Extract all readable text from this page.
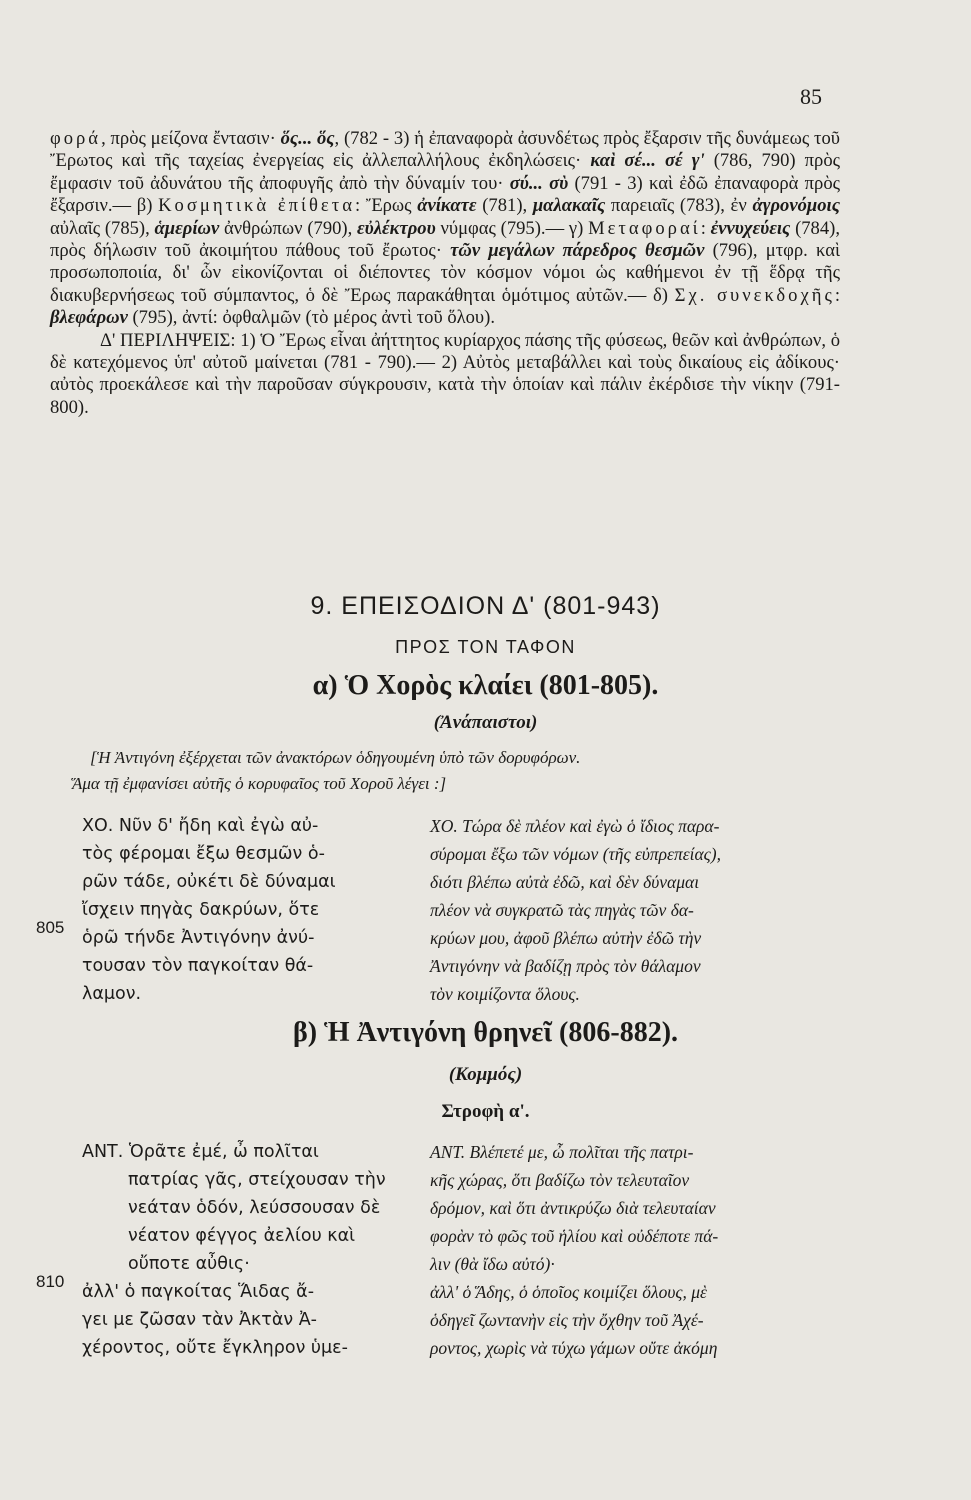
85

φορά, πρὸς μείζονα ἔντασιν· ὅς... ὅς, (782 - 3) ἡ ἐπαναφορὰ ἀσυνδέτως πρὸς ἔξαρσιν τῆς δυνάμεως τοῦ Ἔρωτος καὶ τῆς ταχείας ἐνεργείας εἰς ἀλλεπαλλήλους ἐκδηλώσεις· καὶ σέ... σέ γ' (786, 790) πρὸς ἔμφασιν τοῦ ἀδυνάτου τῆς ἀποφυγῆς ἀπὸ τὴν δύναμίν του· σύ... σὺ (791 - 3) καὶ ἐδῶ ἐπαναφορὰ πρὸς ἔξαρσιν.— β) Κοσμητικὰ ἐπίθετα: Ἔρως ἀνίκατε (781), μαλακαῖς παρειαῖς (783), ἐν ἀγρονόμοις αὐλαῖς (785), ἁμερίων ἀνθρώπων (790), εὐλέκτρου νύμφας (795).— γ) Μεταφοραί: ἐννυχεύεις (784), πρὸς δήλωσιν τοῦ ἀκοιμήτου πάθους τοῦ ἔρωτος· τῶν μεγάλων πάρεδρος θεσμῶν (796), μτφρ. καὶ προσωποποιία, δι' ὧν εἰκονίζονται οἱ διέποντες τὸν κόσμον νόμοι ὡς καθήμενοι ἐν τῇ ἕδρᾳ τῆς διακυβερνήσεως τοῦ σύμπαντος, ὁ δὲ Ἔρως παρακάθηται ὁμότιμος αὐτῶν.— δ) Σχ. συνεκδοχῆς: βλεφάρων (795), ἀντί: ὀφθαλμῶν (τὸ μέρος ἀντὶ τοῦ ὅλου).

Δ' ΠΕΡΙΛΗΨΕΙΣ: 1) Ὁ Ἔρως εἶναι ἀήττητος κυρίαρχος πάσης τῆς φύσεως, θεῶν καὶ ἀνθρώπων, ὁ δὲ κατεχόμενος ὑπ' αὐτοῦ μαίνεται (781 - 790).— 2) Αὐτὸς μεταβάλλει καὶ τοὺς δικαίους εἰς ἀδίκους· αὐτὸς προεκάλεσε καὶ τὴν παροῦσαν σύγκρουσιν, κατὰ τὴν ὁποίαν καὶ πάλιν ἐκέρδισε τὴν νίκην (791-800).

9. ΕΠΕΙΣΟΔΙΟΝ Δ' (801-943)
ΠΡΟΣ ΤΟΝ ΤΑΦΟΝ
α) Ὁ Χορὸς κλαίει (801-805).
(Ἀνάπαιστοι)
[Ἡ Ἀντιγόνη ἐξέρχεται τῶν ἀνακτόρων ὁδηγουμένη ὑπὸ τῶν δορυφόρων.
Ἅμα τῇ ἐμφανίσει αὐτῆς ὁ κορυφαῖος τοῦ Χοροῦ λέγει :]
ΧΟ. Νῦν δ' ἤδη καὶ ἐγὼ αὐ-
τὸς φέρομαι ἔξω θεσμῶν ὁ-
ρῶν τάδε, οὐκέτι δὲ δύναμαι
ἴσχειν πηγὰς δακρύων, ὅτε
ὁρῶ τήνδε Ἀντιγόνην ἀνύ-
τουσαν τὸν παγκοίταν θά-
λαμον.
805
ΧΟ. Τώρα δὲ πλέον καὶ ἐγὼ ὁ ἴδιος παρα-
σύρομαι ἔξω τῶν νόμων (τῆς εὐπρεπείας),
διότι βλέπω αὐτὰ ἐδῶ, καὶ δὲν δύναμαι
πλέον νὰ συγκρατῶ τὰς πηγὰς τῶν δα-
κρύων μου, ἀφοῦ βλέπω αὐτὴν ἐδῶ τὴν
Ἀντιγόνην νὰ βαδίζῃ πρὸς τὸν θάλαμον
τὸν κοιμίζοντα ὅλους.
β) Ἡ Ἀντιγόνη θρηνεῖ (806-882).
(Κομμός)
Στροφὴ α'.
ΑΝΤ. Ὁρᾶτε ἐμέ, ὦ πολῖται
πατρίας γᾶς, στείχουσαν τὴν
νεάταν ὁδόν, λεύσσουσαν δὲ
νέατον φέγγος ἀελίου καὶ
οὔποτε αὖθις·
ἀλλ' ὁ παγκοίτας Ἅιδας ἄ-
γει με ζῶσαν τὰν Ἀκτὰν Ἀ-
χέροντος, οὔτε ἔγκληρον ὑμε-
810
ΑΝΤ. Βλέπετέ με, ὦ πολῖται τῆς πατρι-
κῆς χώρας, ὅτι βαδίζω τὸν τελευταῖον
δρόμον, καὶ ὅτι ἀντικρύζω διὰ τελευταίαν
φορὰν τὸ φῶς τοῦ ἡλίου καὶ οὐδέποτε πά-
λιν (θὰ ἴδω αὐτό)·
ἀλλ' ὁ Ἅδης, ὁ ὁποῖος κοιμίζει ὅλους, μὲ
ὁδηγεῖ ζωντανὴν εἰς τὴν ὄχθην τοῦ Ἀχέ-
ροντος, χωρὶς νὰ τύχω γάμων οὔτε ἀκόμη
